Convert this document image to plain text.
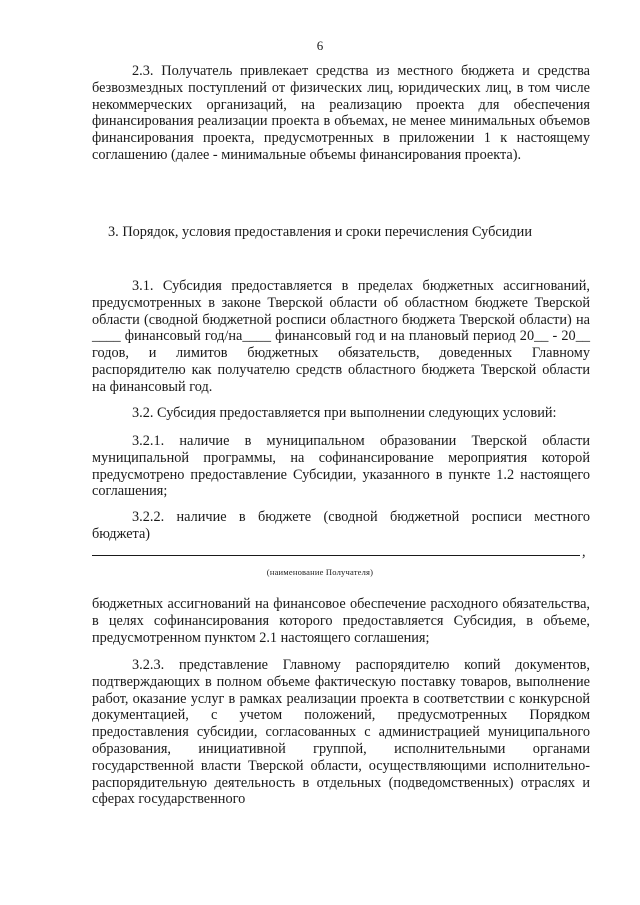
6
2.3. Получатель привлекает средства из местного бюджета и средства безвозмездных поступлений от физических лиц, юридических лиц, в том числе некоммерческих организаций, на реализацию проекта для обеспечения финансирования реализации проекта в объемах, не менее минимальных объемов финансирования проекта, предусмотренных в приложении 1 к настоящему соглашению (далее - минимальные объемы финансирования проекта).
3. Порядок, условия предоставления и сроки перечисления Субсидии
3.1. Субсидия предоставляется в пределах бюджетных ассигнований, предусмотренных в законе Тверской области об областном бюджете Тверской области (сводной бюджетной росписи областного бюджета Тверской области) на ____ финансовый год/на____ финансовый год и на плановый период 20__ - 20__ годов, и лимитов бюджетных обязательств, доведенных Главному распорядителю как получателю средств областного бюджета Тверской области на финансовый год.
3.2. Субсидия предоставляется при выполнении следующих условий:
3.2.1. наличие в муниципальном образовании Тверской области муниципальной программы, на софинансирование мероприятия которой предусмотрено предоставление Субсидии, указанного в пункте 1.2 настоящего соглашения;
3.2.2. наличие в бюджете (сводной бюджетной росписи местного бюджета)
,
(наименование Получателя)
бюджетных ассигнований на финансовое обеспечение расходного обязательства, в целях софинансирования которого предоставляется Субсидия, в объеме, предусмотренном пунктом 2.1 настоящего соглашения;
3.2.3. представление Главному распорядителю копий документов, подтверждающих в полном объеме фактическую поставку товаров, выполнение работ, оказание услуг в рамках реализации проекта в соответствии с конкурсной документацией, с учетом положений, предусмотренных Порядком предоставления субсидии, согласованных с администрацией муниципального образования, инициативной группой, исполнительными органами государственной власти Тверской области, осуществляющими исполнительно-распорядительную деятельность в отдельных (подведомственных) отраслях и сферах государственного
